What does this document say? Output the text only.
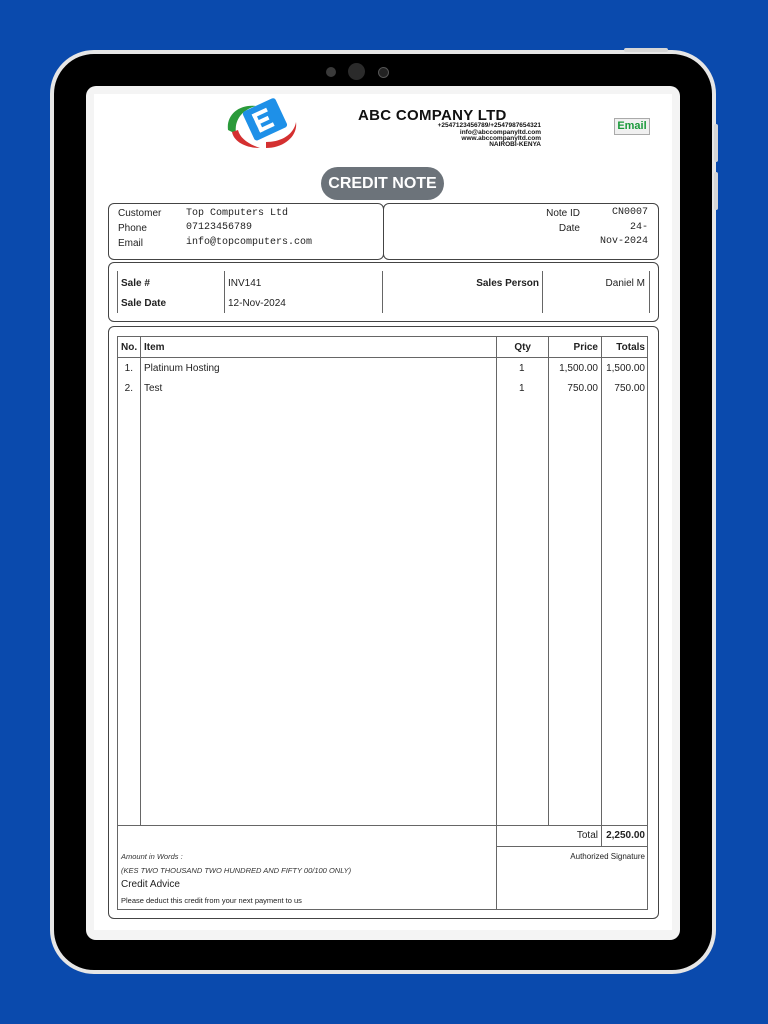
ABC COMPANY LTD
+2547123456789/+2547987654321
info@abccompanyltd.com
www.abccompanyltd.com
NAIROBI-KENYA
Email
CREDIT NOTE
Customer Top Computers Ltd
Phone	07123456789
Email	info@topcomputers.com
Note ID	CN0007
Date	24-
Nov-2024
Sale #	INV141
Sale Date	12-Nov-2024
Sales Person	Daniel M
No. Item	Qty	Price	Totals
1. Platinum Hosting	1	1,500.00 1,500.00
2. Test	1	750.00	750.00
Total 2,250.00
Amount in Words :
(KES TWO THOUSAND TWO HUNDRED AND FIFTY 00/100 ONLY)
Credit Advice
Please deduct this credit from your next payment to us
Authorized Signature
